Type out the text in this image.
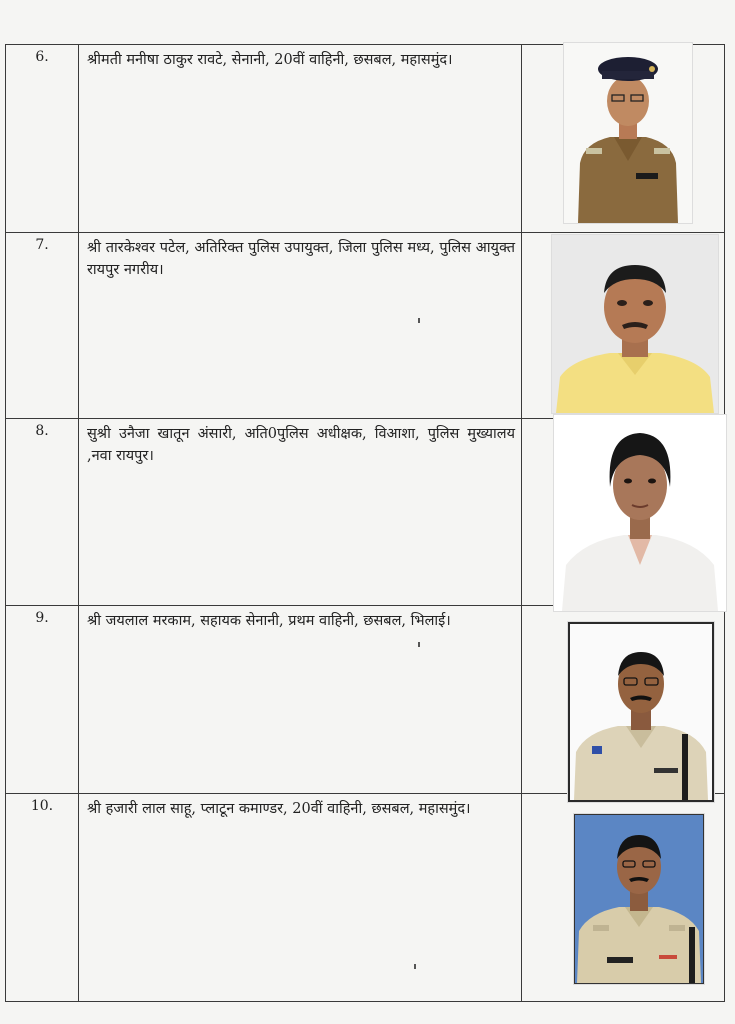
6.	श्रीमती मनीषा ठाकुर रावटे, सेनानी, 20वीं वाहिनी, छसबल, महासमुंद।	

7.	श्री तारकेश्वर पटेल, अतिरिक्त पुलिस उपायुक्त, जिला पुलिस मध्य, पुलिस आयुक्त रायपुर नगरीय।	

8.	सुश्री उनैजा खातून अंसारी, अति0पुलिस अधीक्षक, विआशा, पुलिस मुख्यालय ,नवा रायपुर।	

9.	श्री जयलाल मरकाम, सहायक सेनानी, प्रथम वाहिनी, छसबल, भिलाई।	

10.	श्री हजारी लाल साहू, प्लाटून कमाण्डर, 20वीं वाहिनी, छसबल, महासमुंद।	
